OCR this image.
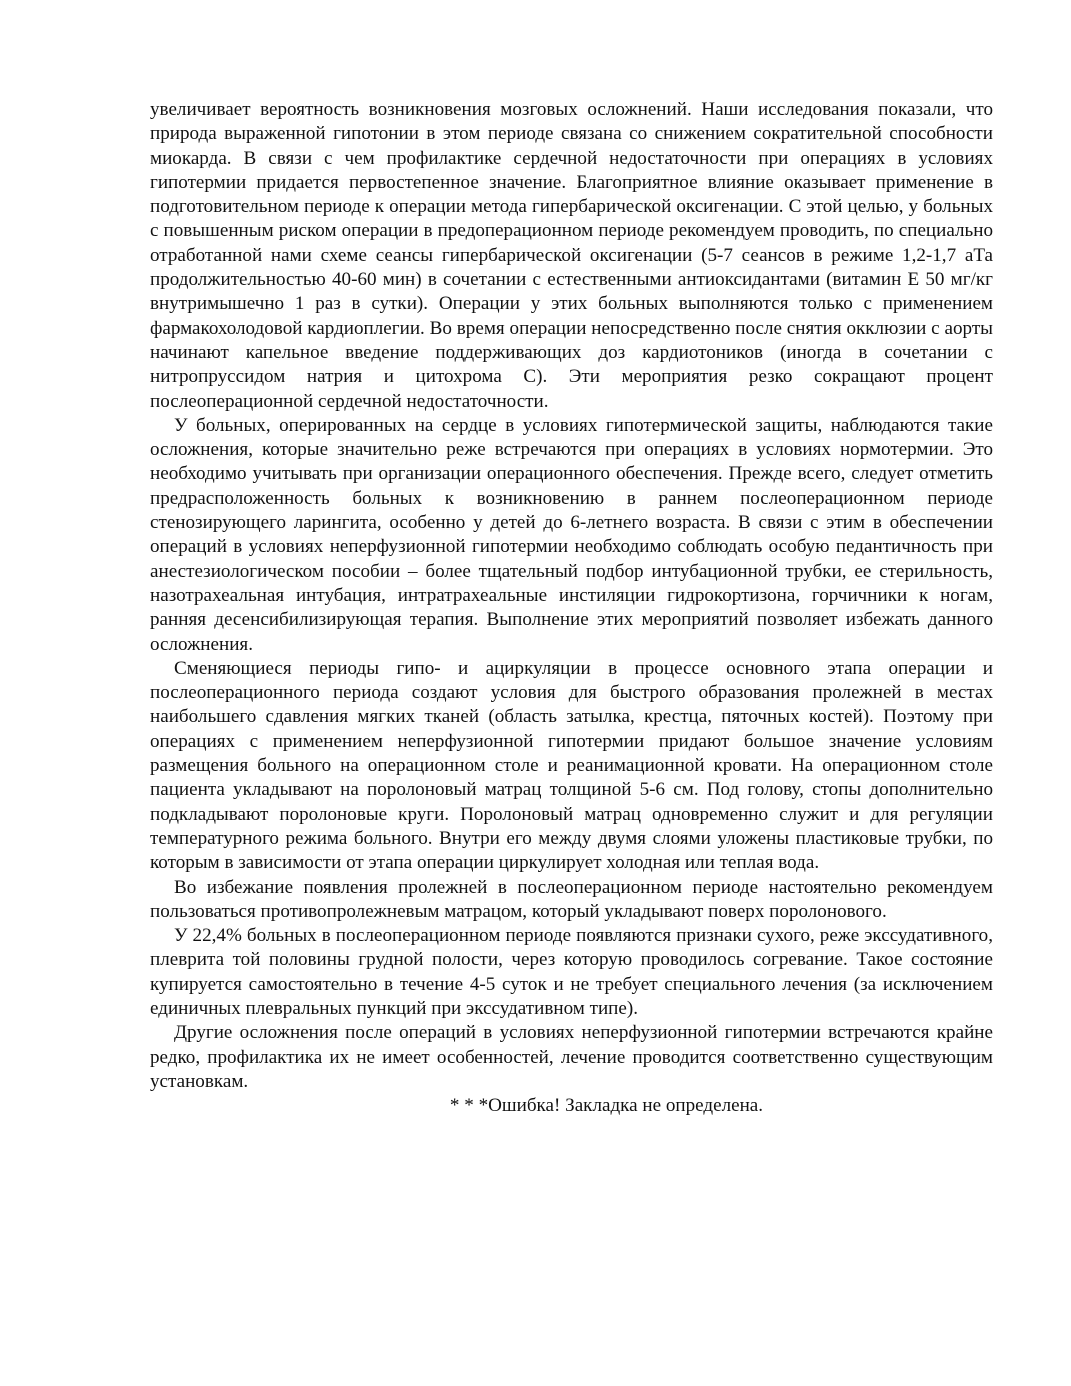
увеличивает вероятность возникновения мозговых осложнений. Наши исследования показали, что природа выраженной гипотонии в этом периоде связана со снижением сократительной способности миокарда. В связи с чем профилактике сердечной недостаточности при операциях в условиях гипотермии придается первостепенное значение. Благоприятное влияние оказывает применение в подготовительном периоде к операции метода гипербарической оксигенации. С этой целью, у больных с повышенным риском операции в предоперационном периоде рекомендуем проводить, по специально отработанной нами схеме сеансы гипербарической оксигенации (5-7 сеансов в режиме 1,2-1,7 аТа продолжительностью 40-60 мин) в сочетании с естественными антиоксидантами (витамин Е 50 мг/кг внутримышечно 1 раз в сутки). Операции у этих больных выполняются только с применением фармакохолодовой кардиоплегии. Во время операции непосредственно после снятия окклюзии с аорты начинают капельное введение поддерживающих доз кардиотоников (иногда в сочетании с нитропруссидом натрия и цитохрома С). Эти мероприятия резко сокращают процент послеоперационной сердечной недостаточности.

У больных, оперированных на сердце в условиях гипотермической защиты, наблюдаются такие осложнения, которые значительно реже встречаются при операциях в условиях нормотермии. Это необходимо учитывать при организации операционного обеспечения. Прежде всего, следует отметить предрасположенность больных к возникновению в раннем послеоперационном периоде стенозирующего ларингита, особенно у детей до 6-летнего возраста. В связи с этим в обеспечении операций в условиях неперфузионной гипотермии необходимо соблюдать особую педантичность при анестезиологическом пособии – более тщательный подбор интубационной трубки, ее стерильность, назотрахеальная интубация, интратрахеальные инстиляции гидрокортизона, горчичники к ногам, ранняя десенсибилизирующая терапия. Выполнение этих мероприятий позволяет избежать данного осложнения.

Сменяющиеся периоды гипо- и ациркуляции в процессе основного этапа операции и послеоперационного периода создают условия для быстрого образования пролежней в местах наибольшего сдавления мягких тканей (область затылка, крестца, пяточных костей). Поэтому при операциях с применением неперфузионной гипотермии придают большое значение условиям размещения больного на операционном столе и реанимационной кровати. На операционном столе пациента укладывают на поролоновый матрац толщиной 5-6 см. Под голову, стопы дополнительно подкладывают поролоновые круги. Поролоновый матрац одновременно служит и для регуляции температурного режима больного. Внутри его между двумя слоями уложены пластиковые трубки, по которым в зависимости от этапа операции циркулирует холодная или теплая вода.

Во избежание появления пролежней в послеоперационном периоде настоятельно рекомендуем пользоваться противопролежневым матрацом, который укладывают поверх поролонового.

У 22,4% больных в послеоперационном периоде появляются признаки сухого, реже экссудативного, плеврита той половины грудной полости, через которую проводилось согревание. Такое состояние купируется самостоятельно в течение 4-5 суток и не требует специального лечения (за исключением единичных плевральных пункций при экссудативном типе).

Другие осложнения после операций в условиях неперфузионной гипотермии встречаются крайне редко, профилактика их не имеет особенностей, лечение проводится соответственно существующим установкам.

* * *Ошибка! Закладка не определена.
